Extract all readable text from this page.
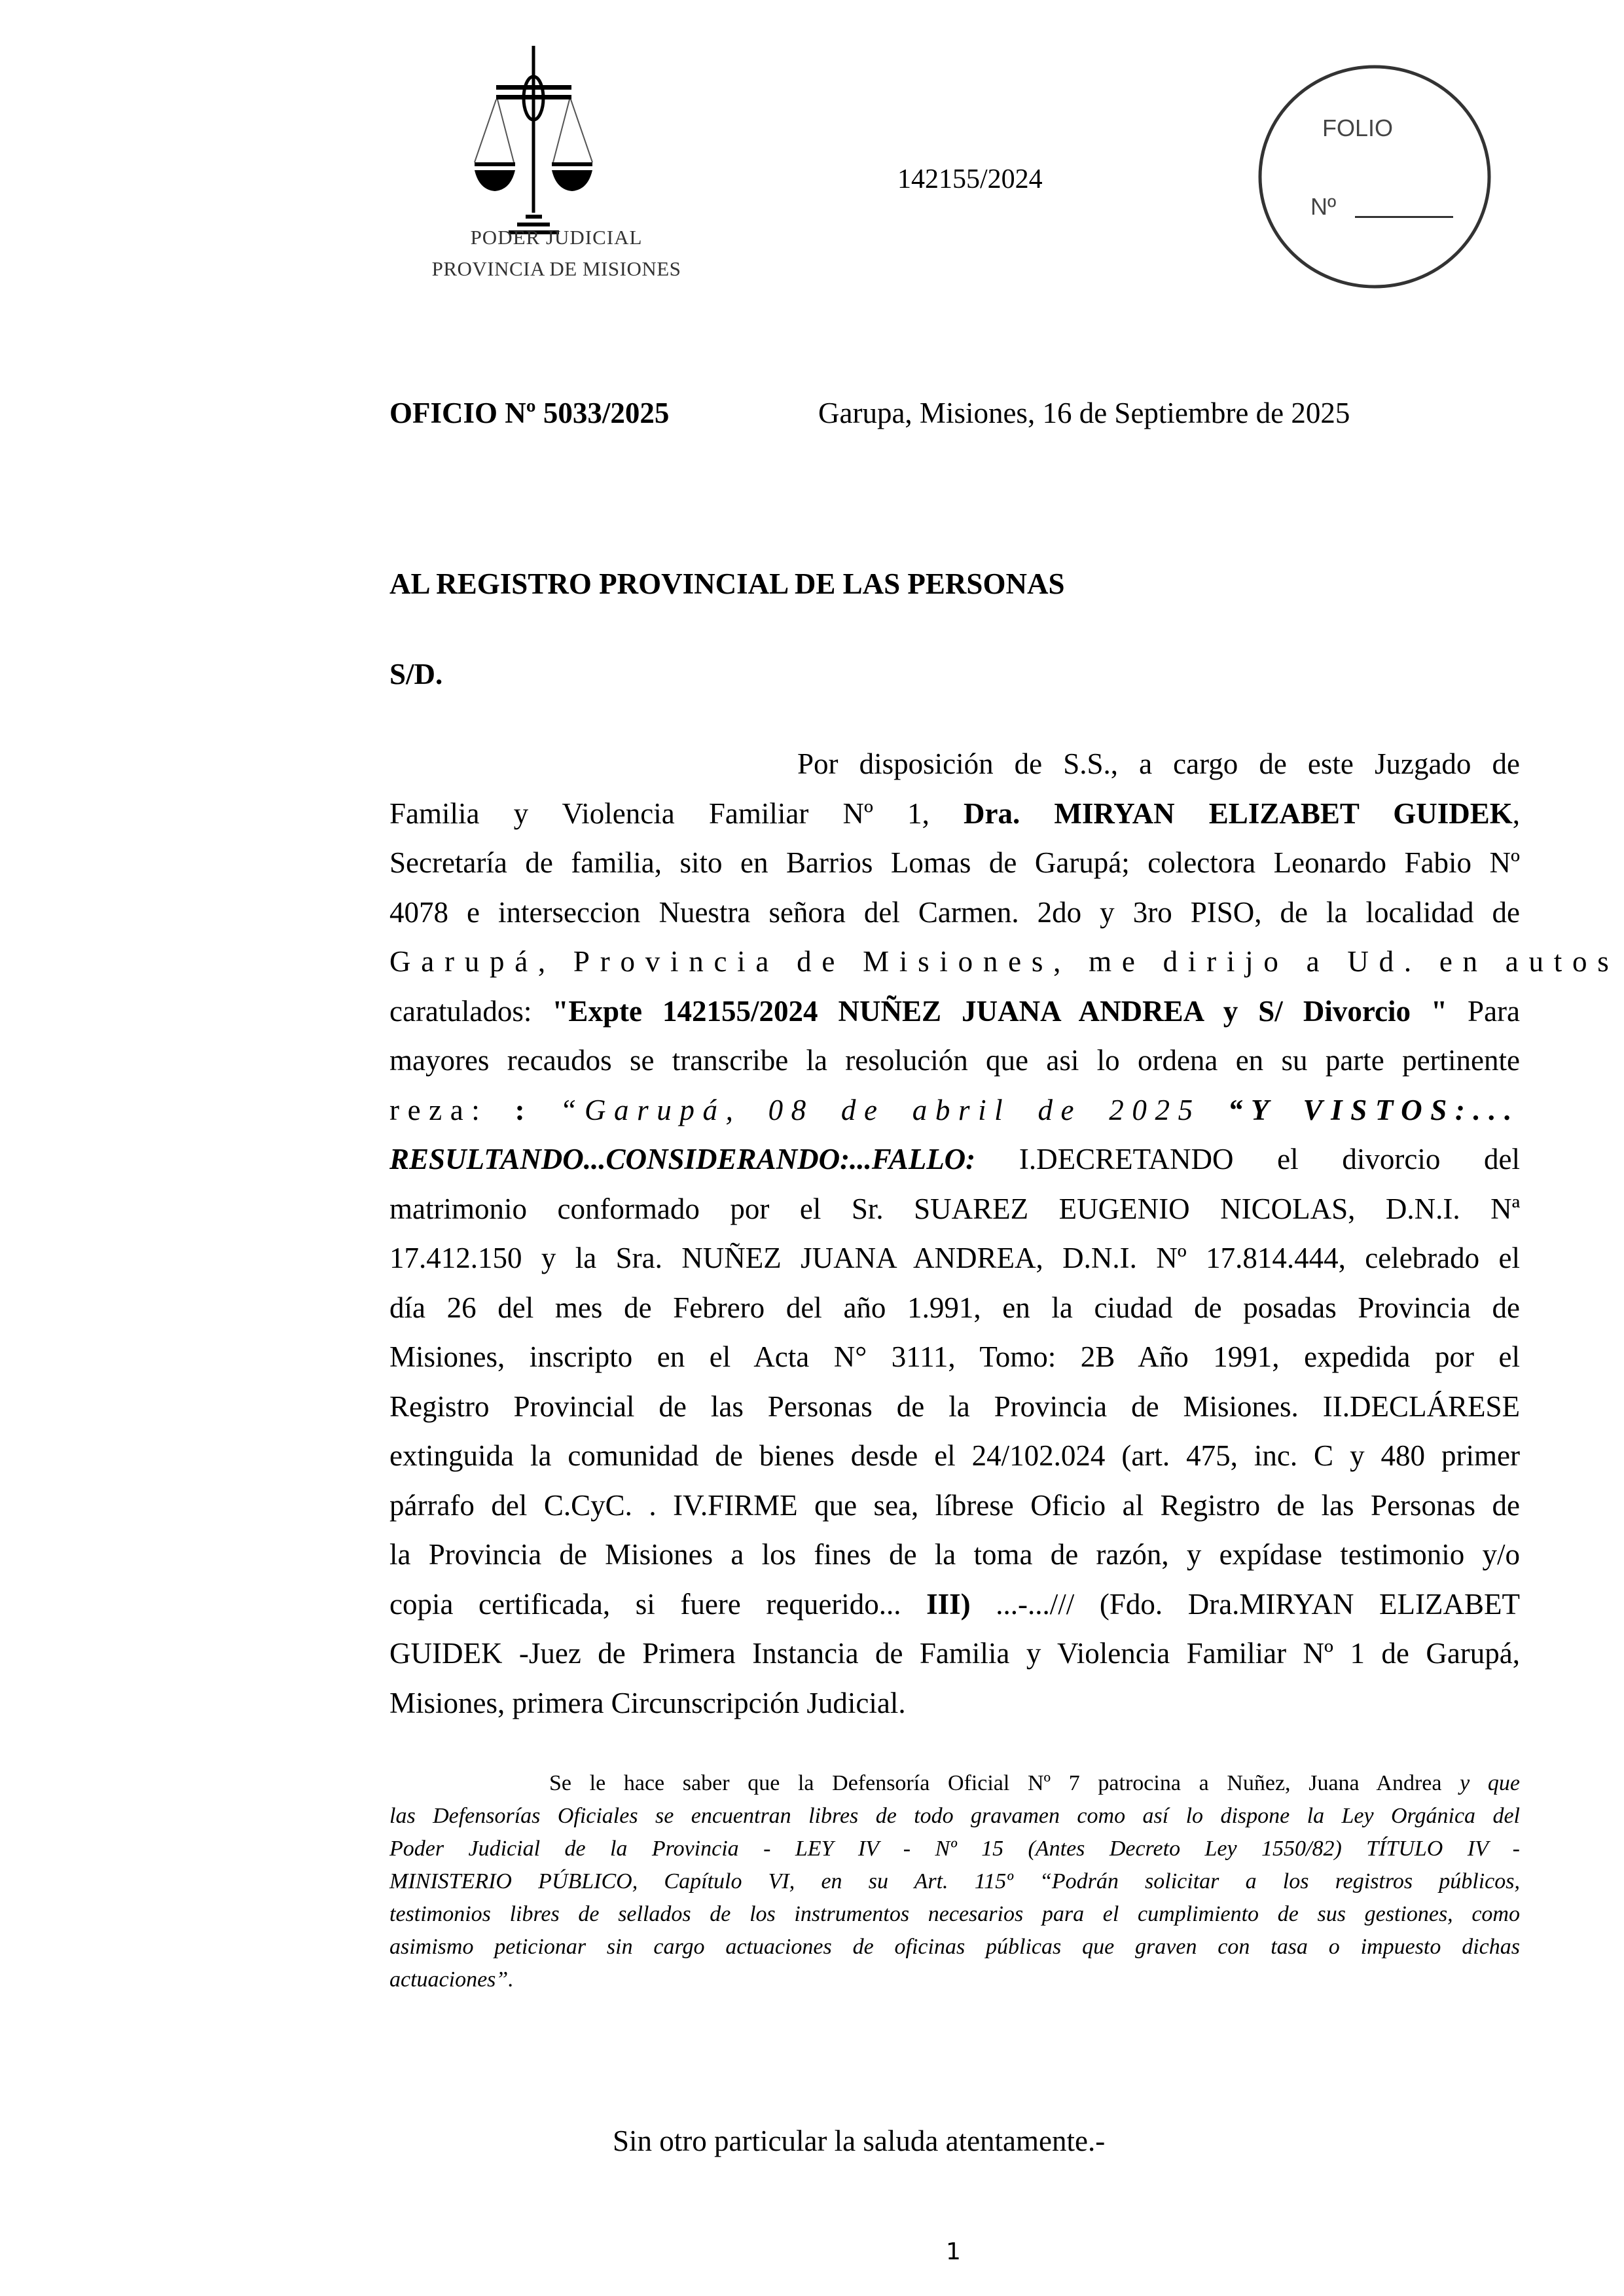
PODER JUDICIAL
PROVINCIA DE MISIONES
142155/2024
FOLIO
Nº
OFICIO Nº 5033/2025	Garupa, Misiones, 16 de Septiembre de 2025
AL REGISTRO PROVINCIAL DE LAS PERSONAS
S/D.
Por disposición de S.S., a cargo de este Juzgado de
Familia y Violencia Familiar Nº 1, Dra. MIRYAN ELIZABET GUIDEK,
Secretaría de familia, sito en Barrios Lomas de Garupá; colectora Leonardo Fabio Nº
4078 e interseccion Nuestra señora del Carmen. 2do y 3ro PISO, de la localidad de
Garupá, Provincia de Misiones, me dirijo a Ud. en autos
caratulados: "Expte 142155/2024 NUÑEZ JUANA ANDREA y S/ Divorcio " Para
mayores recaudos se transcribe la resolución que asi lo ordena en su parte pertinente
reza: : “Garupá, 08 de abril de 2025 “Y VISTOS:...
RESULTANDO...CONSIDERANDO:...FALLO: I.DECRETANDO el divorcio del
matrimonio conformado por el Sr. SUAREZ EUGENIO NICOLAS, D.N.I. Nª
17.412.150 y la Sra. NUÑEZ JUANA ANDREA, D.N.I. Nº 17.814.444, celebrado el
día 26 del mes de Febrero del año 1.991, en la ciudad de posadas Provincia de
Misiones, inscripto en el Acta N° 3111, Tomo: 2B Año 1991, expedida por el
Registro Provincial de las Personas de la Provincia de Misiones. II.DECLÁRESE
extinguida la comunidad de bienes desde el 24/102.024 (art. 475, inc. C y 480 primer
párrafo del C.CyC. . IV.FIRME que sea, líbrese Oficio al Registro de las Personas de
la Provincia de Misiones a los fines de la toma de razón, y expídase testimonio y/o
copia certificada, si fuere requerido... III) ...-.../// (Fdo. Dra.MIRYAN ELIZABET
GUIDEK -Juez de Primera Instancia de Familia y Violencia Familiar Nº 1 de Garupá,
Misiones, primera Circunscripción Judicial.
Se le hace saber que la Defensoría Oficial Nº 7 patrocina a Nuñez, Juana Andrea y que
las Defensorías Oficiales se encuentran libres de todo gravamen como así lo dispone la Ley Orgánica del
Poder Judicial de la Provincia - LEY IV - Nº 15 (Antes Decreto Ley 1550/82) TÍTULO IV -
MINISTERIO PÚBLICO, Capítulo VI, en su Art. 115º “Podrán solicitar a los registros públicos,
testimonios libres de sellados de los instrumentos necesarios para el cumplimiento de sus gestiones, como
asimismo peticionar sin cargo actuaciones de oficinas públicas que graven con tasa o impuesto dichas
actuaciones”.
Sin otro particular la saluda atentamente.-
1
